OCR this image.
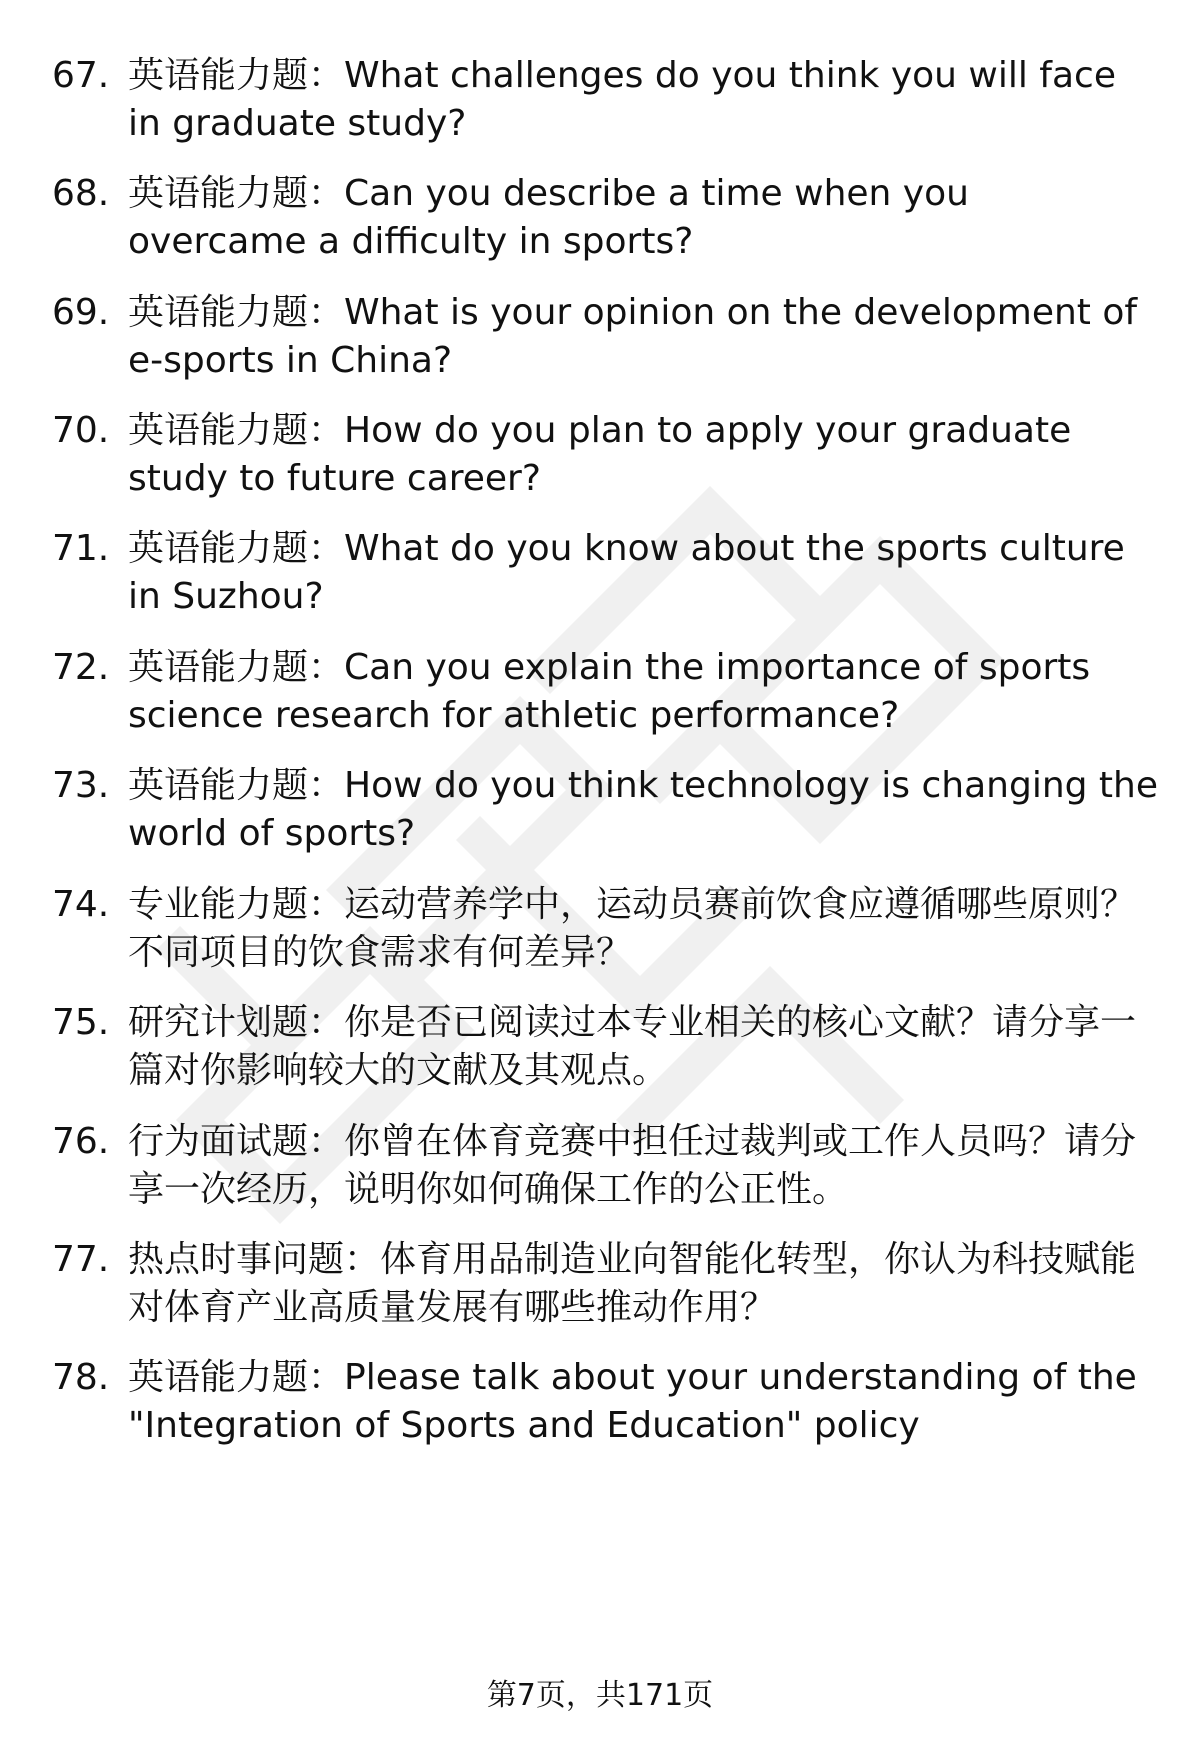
67. 英语能力题：What challenges do you think you will face in graduate study?
68. 英语能力题：Can you describe a time when you overcame a difficulty in sports?
69. 英语能力题：What is your opinion on the development of e-sports in China?
70. 英语能力题：How do you plan to apply your graduate study to future career?
71. 英语能力题：What do you know about the sports culture in Suzhou?
72. 英语能力题：Can you explain the importance of sports science research for athletic performance?
73. 英语能力题：How do you think technology is changing the world of sports?
74. 专业能力题：运动营养学中，运动员赛前饮食应遵循哪些原则？不同项目的饮食需求有何差异？
75. 研究计划题：你是否已阅读过本专业相关的核心文献？请分享一篇对你影响较大的文献及其观点。
76. 行为面试题：你曾在体育竞赛中担任过裁判或工作人员吗？请分享一次经历，说明你如何确保工作的公正性。
77. 热点时事问题：体育用品制造业向智能化转型，你认为科技赋能对体育产业高质量发展有哪些推动作用？
78. 英语能力题：Please talk about your understanding of the "Integration of Sports and Education" policy
第7页，共171页
